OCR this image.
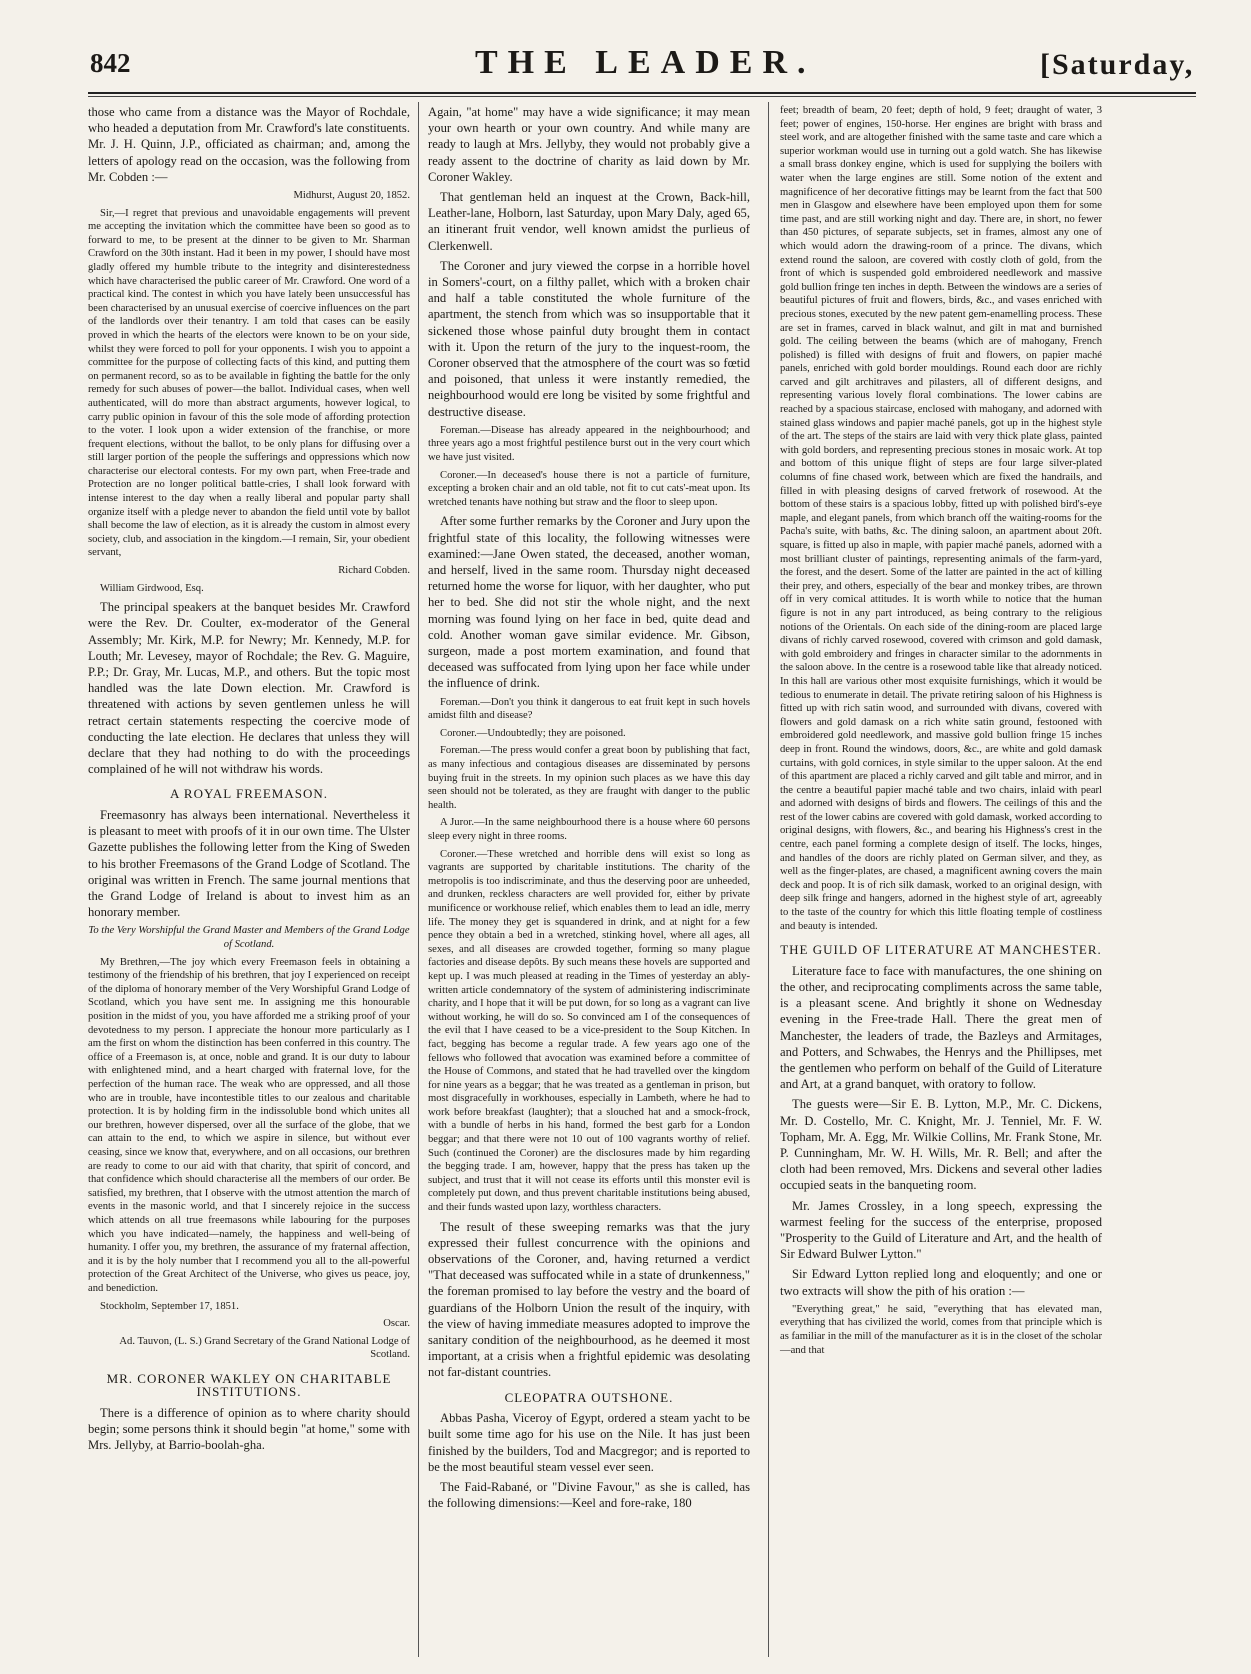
842	THE LEADER.	[Saturday,

those who came from a distance was the Mayor of Rochdale, who headed a deputation from Mr. Crawford's late constituents. Mr. J. H. Quinn, J.P., officiated as chairman; and, among the letters of apology read on the occasion, was the following from Mr. Cobden :—

Midhurst, August 20, 1852.

Sir,—I regret that previous and unavoidable engagements will prevent me accepting the invitation which the committee have been so good as to forward to me, to be present at the dinner to be given to Mr. Sharman Crawford on the 30th instant. Had it been in my power, I should have most gladly offered my humble tribute to the integrity and disinterestedness which have characterised the public career of Mr. Crawford. One word of a practical kind. The contest in which you have lately been unsuccessful has been characterised by an unusual exercise of coercive influences on the part of the landlords over their tenantry. I am told that cases can be easily proved in which the hearts of the electors were known to be on your side, whilst they were forced to poll for your opponents. I wish you to appoint a committee for the purpose of collecting facts of this kind, and putting them on permanent record, so as to be available in fighting the battle for the only remedy for such abuses of power—the ballot. Individual cases, when well authenticated, will do more than abstract arguments, however logical, to carry public opinion in favour of this the sole mode of affording protection to the voter. I look upon a wider extension of the franchise, or more frequent elections, without the ballot, to be only plans for diffusing over a still larger portion of the people the sufferings and oppressions which now characterise our electoral contests. For my own part, when Free-trade and Protection are no longer political battle-cries, I shall look forward with intense interest to the day when a really liberal and popular party shall organize itself with a pledge never to abandon the field until vote by ballot shall become the law of election, as it is already the custom in almost every society, club, and association in the kingdom.—I remain, Sir, your obedient servant,

Richard Cobden.

William Girdwood, Esq.

The principal speakers at the banquet besides Mr. Crawford were the Rev. Dr. Coulter, ex-moderator of the General Assembly; Mr. Kirk, M.P. for Newry; Mr. Kennedy, M.P. for Louth; Mr. Levesey, mayor of Rochdale; the Rev. G. Maguire, P.P.; Dr. Gray, Mr. Lucas, M.P., and others. But the topic most handled was the late Down election. Mr. Crawford is threatened with actions by seven gentlemen unless he will retract certain statements respecting the coercive mode of conducting the late election. He declares that unless they will declare that they had nothing to do with the proceedings complained of he will not withdraw his words.

A ROYAL FREEMASON.

Freemasonry has always been international. Nevertheless it is pleasant to meet with proofs of it in our own time. The Ulster Gazette publishes the following letter from the King of Sweden to his brother Freemasons of the Grand Lodge of Scotland. The original was written in French. The same journal mentions that the Grand Lodge of Ireland is about to invest him as an honorary member.

To the Very Worshipful the Grand Master and Members of the Grand Lodge of Scotland.

My Brethren,—The joy which every Freemason feels in obtaining a testimony of the friendship of his brethren, that joy I experienced on receipt of the diploma of honorary member of the Very Worshipful Grand Lodge of Scotland, which you have sent me. In assigning me this honourable position in the midst of you, you have afforded me a striking proof of your devotedness to my person. I appreciate the honour more particularly as I am the first on whom the distinction has been conferred in this country. The office of a Freemason is, at once, noble and grand. It is our duty to labour with enlightened mind, and a heart charged with fraternal love, for the perfection of the human race. The weak who are oppressed, and all those who are in trouble, have incontestible titles to our zealous and charitable protection. It is by holding firm in the indissoluble bond which unites all our brethren, however dispersed, over all the surface of the globe, that we can attain to the end, to which we aspire in silence, but without ever ceasing, since we know that, everywhere, and on all occasions, our brethren are ready to come to our aid with that charity, that spirit of concord, and that confidence which should characterise all the members of our order. Be satisfied, my brethren, that I observe with the utmost attention the march of events in the masonic world, and that I sincerely rejoice in the success which attends on all true freemasons while labouring for the purposes which you have indicated—namely, the happiness and well-being of humanity. I offer you, my brethren, the assurance of my fraternal affection, and it is by the holy number that I recommend you all to the all-powerful protection of the Great Architect of the Universe, who gives us peace, joy, and benediction.

Stockholm, September 17, 1851.

Oscar.

Ad. Tauvon, (L. S.) Grand Secretary of the Grand National Lodge of Scotland.

MR. CORONER WAKLEY ON CHARITABLE INSTITUTIONS.

There is a difference of opinion as to where charity should begin; some persons think it should begin "at home," some with Mrs. Jellyby, at Barrio-boolah-gha.

Again, "at home" may have a wide significance; it may mean your own hearth or your own country. And while many are ready to laugh at Mrs. Jellyby, they would not probably give a ready assent to the doctrine of charity as laid down by Mr. Coroner Wakley.

That gentleman held an inquest at the Crown, Back-hill, Leather-lane, Holborn, last Saturday, upon Mary Daly, aged 65, an itinerant fruit vendor, well known amidst the purlieus of Clerkenwell.

The Coroner and jury viewed the corpse in a horrible hovel in Somers'-court, on a filthy pallet, which with a broken chair and half a table constituted the whole furniture of the apartment, the stench from which was so insupportable that it sickened those whose painful duty brought them in contact with it. Upon the return of the jury to the inquest-room, the Coroner observed that the atmosphere of the court was so fœtid and poisoned, that unless it were instantly remedied, the neighbourhood would ere long be visited by some frightful and destructive disease.

Foreman.—Disease has already appeared in the neighbourhood; and three years ago a most frightful pestilence burst out in the very court which we have just visited.

Coroner.—In deceased's house there is not a particle of furniture, excepting a broken chair and an old table, not fit to cut cats'-meat upon. Its wretched tenants have nothing but straw and the floor to sleep upon.

After some further remarks by the Coroner and Jury upon the frightful state of this locality, the following witnesses were examined:—Jane Owen stated, the deceased, another woman, and herself, lived in the same room. Thursday night deceased returned home the worse for liquor, with her daughter, who put her to bed. She did not stir the whole night, and the next morning was found lying on her face in bed, quite dead and cold. Another woman gave similar evidence. Mr. Gibson, surgeon, made a post mortem examination, and found that deceased was suffocated from lying upon her face while under the influence of drink.

Foreman.—Don't you think it dangerous to eat fruit kept in such hovels amidst filth and disease?

Coroner.—Undoubtedly; they are poisoned.

Foreman.—The press would confer a great boon by publishing that fact, as many infectious and contagious diseases are disseminated by persons buying fruit in the streets. In my opinion such places as we have this day seen should not be tolerated, as they are fraught with danger to the public health.

A Juror.—In the same neighbourhood there is a house where 60 persons sleep every night in three rooms.

Coroner.—These wretched and horrible dens will exist so long as vagrants are supported by charitable institutions. The charity of the metropolis is too indiscriminate, and thus the deserving poor are unheeded, and drunken, reckless characters are well provided for, either by private munificence or workhouse relief, which enables them to lead an idle, merry life. The money they get is squandered in drink, and at night for a few pence they obtain a bed in a wretched, stinking hovel, where all ages, all sexes, and all diseases are crowded together, forming so many plague factories and disease depôts. By such means these hovels are supported and kept up. I was much pleased at reading in the Times of yesterday an ably-written article condemnatory of the system of administering indiscriminate charity, and I hope that it will be put down, for so long as a vagrant can live without working, he will do so. So convinced am I of the consequences of the evil that I have ceased to be a vice-president to the Soup Kitchen. In fact, begging has become a regular trade. A few years ago one of the fellows who followed that avocation was examined before a committee of the House of Commons, and stated that he had travelled over the kingdom for nine years as a beggar; that he was treated as a gentleman in prison, but most disgracefully in workhouses, especially in Lambeth, where he had to work before breakfast (laughter); that a slouched hat and a smock-frock, with a bundle of herbs in his hand, formed the best garb for a London beggar; and that there were not 10 out of 100 vagrants worthy of relief. Such (continued the Coroner) are the disclosures made by him regarding the begging trade. I am, however, happy that the press has taken up the subject, and trust that it will not cease its efforts until this monster evil is completely put down, and thus prevent charitable institutions being abused, and their funds wasted upon lazy, worthless characters.

The result of these sweeping remarks was that the jury expressed their fullest concurrence with the opinions and observations of the Coroner, and, having returned a verdict "That deceased was suffocated while in a state of drunkenness," the foreman promised to lay before the vestry and the board of guardians of the Holborn Union the result of the inquiry, with the view of having immediate measures adopted to improve the sanitary condition of the neighbourhood, as he deemed it most important, at a crisis when a frightful epidemic was desolating not far-distant countries.

CLEOPATRA OUTSHONE.

Abbas Pasha, Viceroy of Egypt, ordered a steam yacht to be built some time ago for his use on the Nile. It has just been finished by the builders, Tod and Macgregor; and is reported to be the most beautiful steam vessel ever seen.

The Faid-Rabané, or "Divine Favour," as she is called, has the following dimensions:—Keel and fore-rake, 180

feet; breadth of beam, 20 feet; depth of hold, 9 feet; draught of water, 3 feet; power of engines, 150-horse. Her engines are bright with brass and steel work, and are altogether finished with the same taste and care which a superior workman would use in turning out a gold watch. She has likewise a small brass donkey engine, which is used for supplying the boilers with water when the large engines are still. Some notion of the extent and magnificence of her decorative fittings may be learnt from the fact that 500 men in Glasgow and elsewhere have been employed upon them for some time past, and are still working night and day. There are, in short, no fewer than 450 pictures, of separate subjects, set in frames, almost any one of which would adorn the drawing-room of a prince. The divans, which extend round the saloon, are covered with costly cloth of gold, from the front of which is suspended gold embroidered needlework and massive gold bullion fringe ten inches in depth. Between the windows are a series of beautiful pictures of fruit and flowers, birds, &c., and vases enriched with precious stones, executed by the new patent gem-enamelling process. These are set in frames, carved in black walnut, and gilt in mat and burnished gold. The ceiling between the beams (which are of mahogany, French polished) is filled with designs of fruit and flowers, on papier maché panels, enriched with gold border mouldings. Round each door are richly carved and gilt architraves and pilasters, all of different designs, and representing various lovely floral combinations. The lower cabins are reached by a spacious staircase, enclosed with mahogany, and adorned with stained glass windows and papier maché panels, got up in the highest style of the art. The steps of the stairs are laid with very thick plate glass, painted with gold borders, and representing precious stones in mosaic work. At top and bottom of this unique flight of steps are four large silver-plated columns of fine chased work, between which are fixed the handrails, and filled in with pleasing designs of carved fretwork of rosewood. At the bottom of these stairs is a spacious lobby, fitted up with polished bird's-eye maple, and elegant panels, from which branch off the waiting-rooms for the Pacha's suite, with baths, &c. The dining saloon, an apartment about 20ft. square, is fitted up also in maple, with papier maché panels, adorned with a most brilliant cluster of paintings, representing animals of the farm-yard, the forest, and the desert. Some of the latter are painted in the act of killing their prey, and others, especially of the bear and monkey tribes, are thrown off in very comical attitudes. It is worth while to notice that the human figure is not in any part introduced, as being contrary to the religious notions of the Orientals. On each side of the dining-room are placed large divans of richly carved rosewood, covered with crimson and gold damask, with gold embroidery and fringes in character similar to the adornments in the saloon above. In the centre is a rosewood table like that already noticed. In this hall are various other most exquisite furnishings, which it would be tedious to enumerate in detail. The private retiring saloon of his Highness is fitted up with rich satin wood, and surrounded with divans, covered with flowers and gold damask on a rich white satin ground, festooned with embroidered gold needlework, and massive gold bullion fringe 15 inches deep in front. Round the windows, doors, &c., are white and gold damask curtains, with gold cornices, in style similar to the upper saloon. At the end of this apartment are placed a richly carved and gilt table and mirror, and in the centre a beautiful papier maché table and two chairs, inlaid with pearl and adorned with designs of birds and flowers. The ceilings of this and the rest of the lower cabins are covered with gold damask, worked according to original designs, with flowers, &c., and bearing his Highness's crest in the centre, each panel forming a complete design of itself. The locks, hinges, and handles of the doors are richly plated on German silver, and they, as well as the finger-plates, are chased, a magnificent awning covers the main deck and poop. It is of rich silk damask, worked to an original design, with deep silk fringe and hangers, adorned in the highest style of art, agreeably to the taste of the country for which this little floating temple of costliness and beauty is intended.

THE GUILD OF LITERATURE AT MANCHESTER.

Literature face to face with manufactures, the one shining on the other, and reciprocating compliments across the same table, is a pleasant scene. And brightly it shone on Wednesday evening in the Free-trade Hall. There the great men of Manchester, the leaders of trade, the Bazleys and Armitages, and Potters, and Schwabes, the Henrys and the Phillipses, met the gentlemen who perform on behalf of the Guild of Literature and Art, at a grand banquet, with oratory to follow.

The guests were—Sir E. B. Lytton, M.P., Mr. C. Dickens, Mr. D. Costello, Mr. C. Knight, Mr. J. Tenniel, Mr. F. W. Topham, Mr. A. Egg, Mr. Wilkie Collins, Mr. Frank Stone, Mr. P. Cunningham, Mr. W. H. Wills, Mr. R. Bell; and after the cloth had been removed, Mrs. Dickens and several other ladies occupied seats in the banqueting room.

Mr. James Crossley, in a long speech, expressing the warmest feeling for the success of the enterprise, proposed "Prosperity to the Guild of Literature and Art, and the health of Sir Edward Bulwer Lytton."

Sir Edward Lytton replied long and eloquently; and one or two extracts will show the pith of his oration :—

"Everything great," he said, "everything that has elevated man, everything that has civilized the world, comes from that principle which is as familiar in the mill of the manufacturer as it is in the closet of the scholar—and that
